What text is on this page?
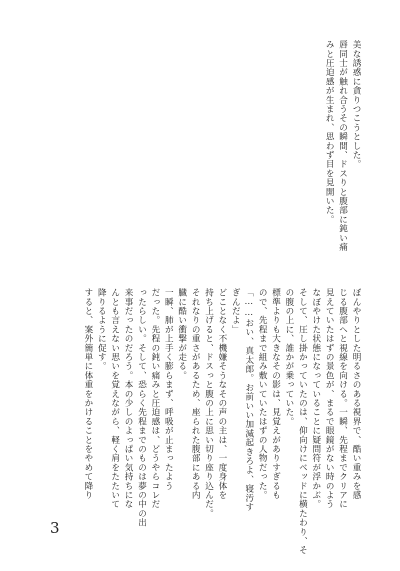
美な誘惑に貪りつこうとした。

唇同士が触れ合うその瞬間、ドスりと腹部に鈍い痛

みと圧迫感が生まれ、思わず目を見開いた。

ぼんやりとした明るさのある視界で、酷い重みを感

じる腹部へと視線を向ける。一瞬、先程までクリアに

見えていたはずの景色が、まるで眼鏡がない時のよう

なぼやけた状態になっていることに疑問符が浮かぶ。

そして、圧し掛かっていたのは、仰向けにベッドに横たわり、そ

の腹の上に、誰かが乗っていた。

標準よりも大きなその影は、見覚えがありすぎるも

ので、先程まで組み敷いていたはずの人物だった。

「……おい、真太郎。お前いい加減起きろよ、寝汚す

ぎんだよ」

どことなく不機嫌そうなその声の主は、一度身体を

持ち上げると、ドスっと腹の上に思い切り座り込んだ。

それなりの重さがあるため、座られた腹部にある内

臓に酷い衝撃が走る。

一瞬、肺が上手く膨らまず、呼吸が止まったよう

だった。先程の鈍い痛みと圧迫感は、どうやらコレだ

ったらしい。そして、恐らく先程までのものは夢の中の出

来事だったのだろう。本の少しのよっぱい気持ちにな

んとも言えない思いを覚えながら、軽く肩をたたいて

降りるように促す。

すると、案外簡単に体重をかけることをやめて降り

3
